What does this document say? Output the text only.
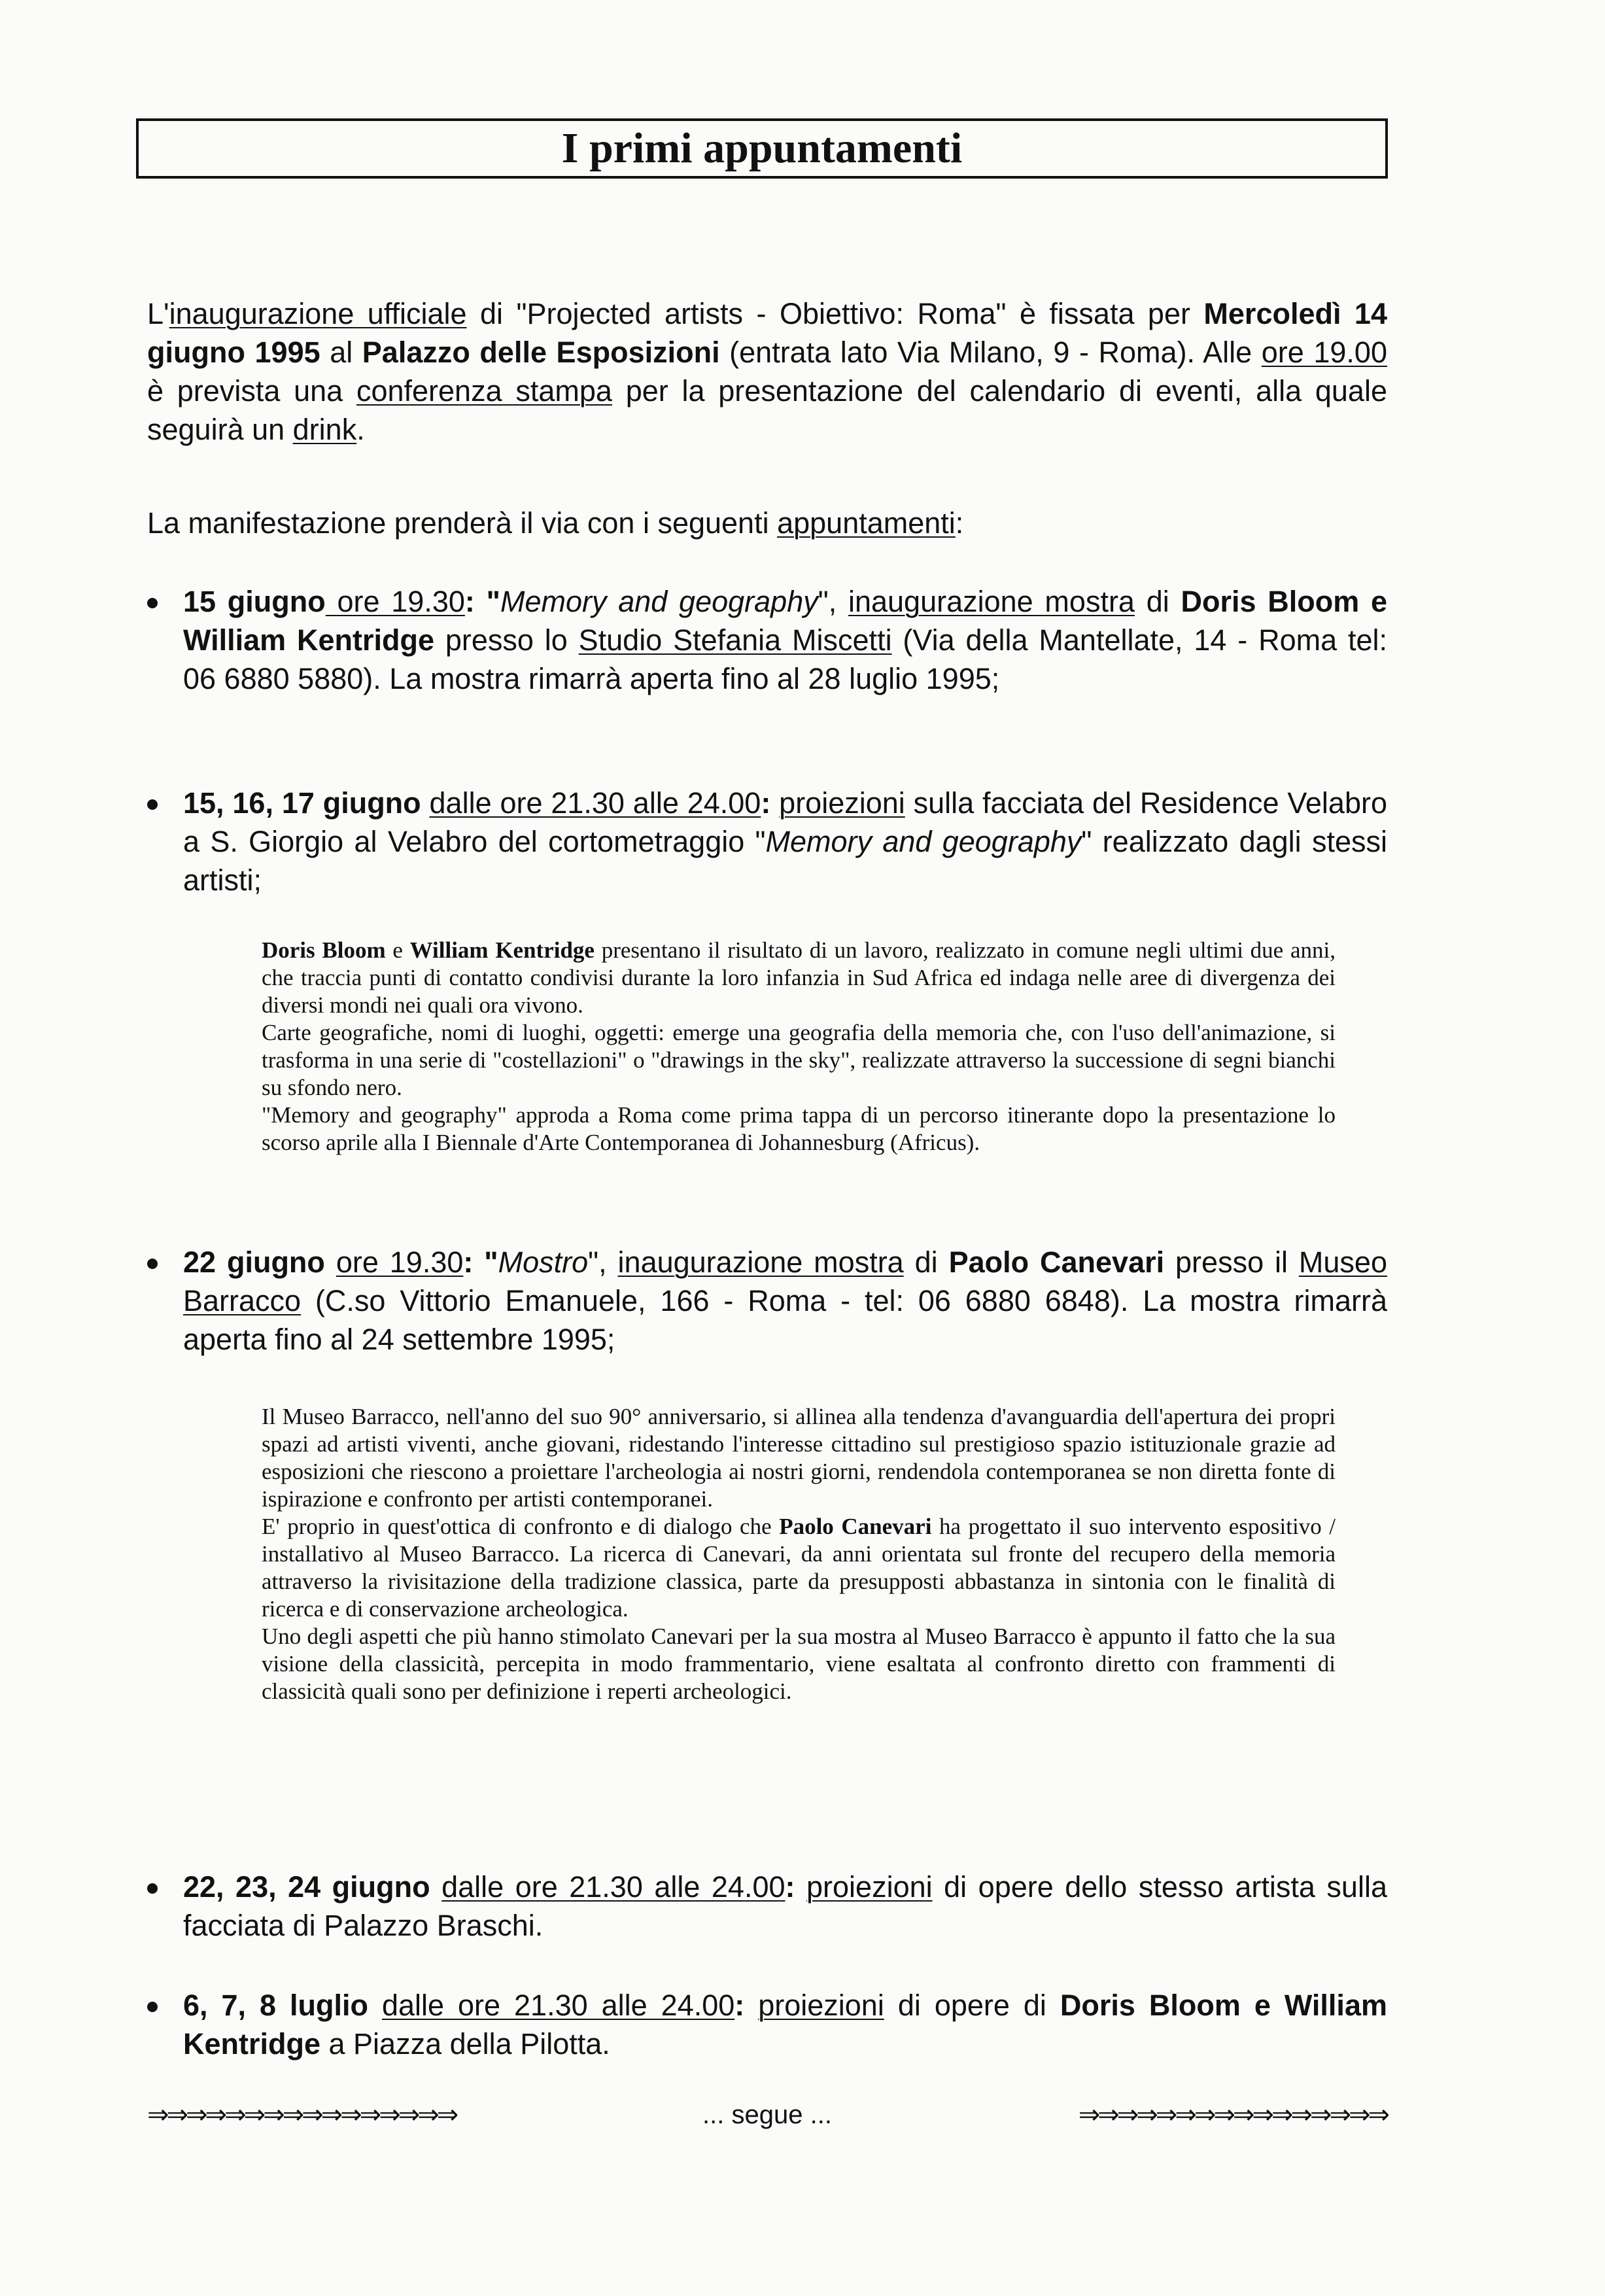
I primi appuntamenti
L'inaugurazione ufficiale di "Projected artists - Obiettivo: Roma" è fissata per Mercoledì 14 giugno 1995 al Palazzo delle Esposizioni (entrata lato Via Milano, 9 - Roma). Alle ore 19.00 è prevista una conferenza stampa per la presentazione del calendario di eventi, alla quale seguirà un drink.
La manifestazione prenderà il via con i seguenti appuntamenti:
15 giugno ore 19.30: "Memory and geography", inaugurazione mostra di Doris Bloom e William Kentridge presso lo Studio Stefania Miscetti (Via della Mantellate, 14 - Roma tel: 06 6880 5880). La mostra rimarrà aperta fino al 28 luglio 1995;
15, 16, 17 giugno dalle ore 21.30 alle 24.00: proiezioni sulla facciata del Residence Velabro a S. Giorgio al Velabro del cortometraggio "Memory and geography" realizzato dagli stessi artisti;

Doris Bloom e William Kentridge presentano il risultato di un lavoro, realizzato in comune negli ultimi due anni, che traccia punti di contatto condivisi durante la loro infanzia in Sud Africa ed indaga nelle aree di divergenza dei diversi mondi nei quali ora vivono.

Carte geografiche, nomi di luoghi, oggetti: emerge una geografia della memoria che, con l'uso dell'animazione, si trasforma in una serie di "costellazioni" o "drawings in the sky", realizzate attraverso la successione di segni bianchi su sfondo nero.

"Memory and geography" approda a Roma come prima tappa di un percorso itinerante dopo la presentazione lo scorso aprile alla I Biennale d'Arte Contemporanea di Johannesburg (Africus).

22 giugno ore 19.30: "Mostro", inaugurazione mostra di Paolo Canevari presso il Museo Barracco (C.so Vittorio Emanuele, 166 - Roma - tel: 06 6880 6848). La mostra rimarrà aperta fino al 24 settembre 1995;

Il Museo Barracco, nell'anno del suo 90° anniversario, si allinea alla tendenza d'avanguardia dell'apertura dei propri spazi ad artisti viventi, anche giovani, ridestando l'interesse cittadino sul prestigioso spazio istituzionale grazie ad esposizioni che riescono a proiettare l'archeologia ai nostri giorni, rendendola contemporanea se non diretta fonte di ispirazione e confronto per artisti contemporanei.

E' proprio in quest'ottica di confronto e di dialogo che Paolo Canevari ha progettato il suo intervento espositivo / installativo al Museo Barracco. La ricerca di Canevari, da anni orientata sul fronte del recupero della memoria attraverso la rivisitazione della tradizione classica, parte da presupposti abbastanza in sintonia con le finalità di ricerca e di conservazione archeologica.

Uno degli aspetti che più hanno stimolato Canevari per la sua mostra al Museo Barracco è appunto il fatto che la sua visione della classicità, percepita in modo frammentario, viene esaltata al confronto diretto con frammenti di classicità quali sono per definizione i reperti archeologici.

22, 23, 24 giugno dalle ore 21.30 alle 24.00: proiezioni di opere dello stesso artista sulla facciata di Palazzo Braschi.
6, 7, 8 luglio dalle ore 21.30 alle 24.00: proiezioni di opere di Doris Bloom e William Kentridge a Piazza della Pilotta.
⇒⇒⇒⇒⇒⇒⇒⇒⇒⇒⇒⇒⇒⇒⇒⇒	... segue ...	⇒⇒⇒⇒⇒⇒⇒⇒⇒⇒⇒⇒⇒⇒⇒⇒
